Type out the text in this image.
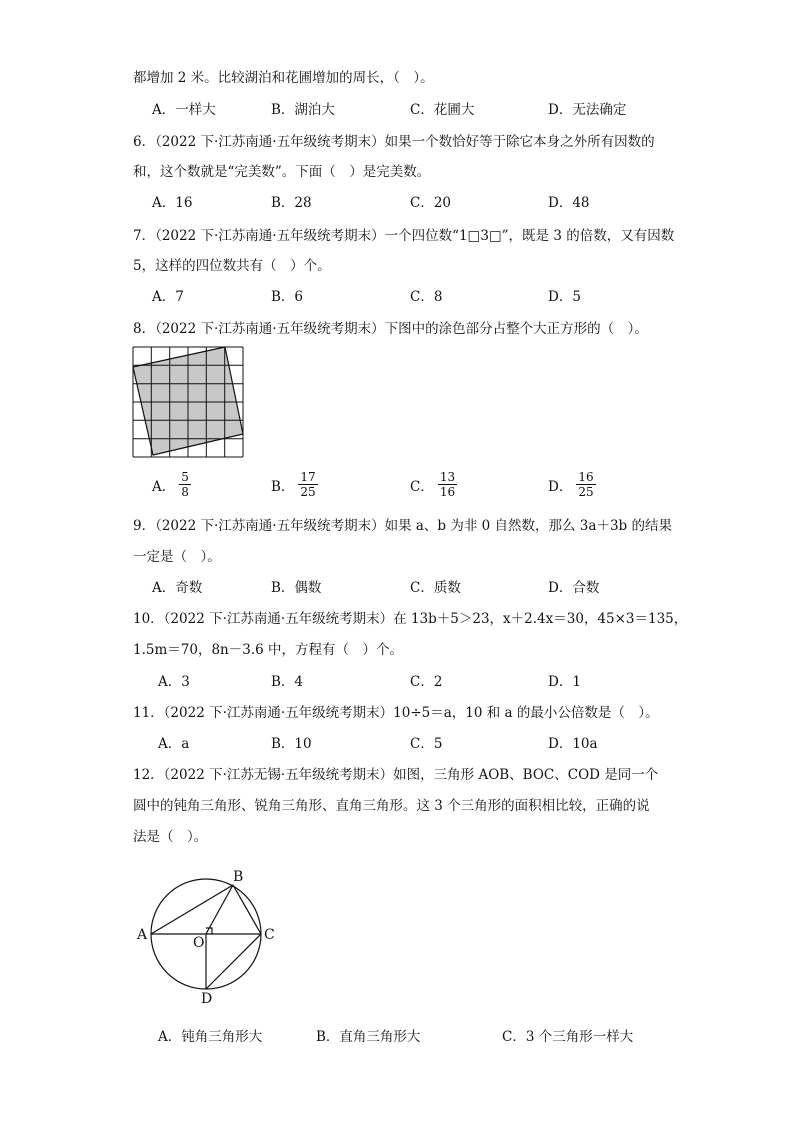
都增加 2 米。比较湖泊和花圃增加的周长，（　）。
A．一样大	B．湖泊大	C．花圃大	D．无法确定
6．（2022 下·江苏南通·五年级统考期末）如果一个数恰好等于除它本身之外所有因数的
和，这个数就是“完美数”。下面（　）是完美数。
A．16	B．28	C．20	D．48
7．（2022 下·江苏南通·五年级统考期末）一个四位数“1□3□”，既是 3 的倍数，又有因数
5，这样的四位数共有（　）个。
A．7	B．6	C．8	D．5
8．（2022 下·江苏南通·五年级统考期末）下图中的涂色部分占整个大正方形的（　）。
A． $\frac{5}{8}$	B． $\frac{17}{25}$	C． $\frac{13}{16}$	D． $\frac{16}{25}$
9．（2022 下·江苏南通·五年级统考期末）如果 a、b 为非 0 自然数，那么 3a＋3b 的结果
一定是（　）。
A．奇数	B．偶数	C．质数	D．合数
10．（2022 下·江苏南通·五年级统考期末）在 13b＋5＞23，x＋2.4x＝30，45×3＝135，
1.5m＝70，8n－3.6 中，方程有（　）个。
A．3	B．4	C．2	D．1
11．（2022 下·江苏南通·五年级统考期末）10÷5＝a，10 和 a 的最小公倍数是（　）。
A．a	B．10	C．5	D．10a
12．（2022 下·江苏无锡·五年级统考期末）如图，三角形 AOB、BOC、COD 是同一个
圆中的钝角三角形、锐角三角形、直角三角形。这 3 个三角形的面积相比较，正确的说
法是（　）。
A
B
C
O
D
A．钝角三角形大	B．直角三角形大	C．3 个三角形一样大
